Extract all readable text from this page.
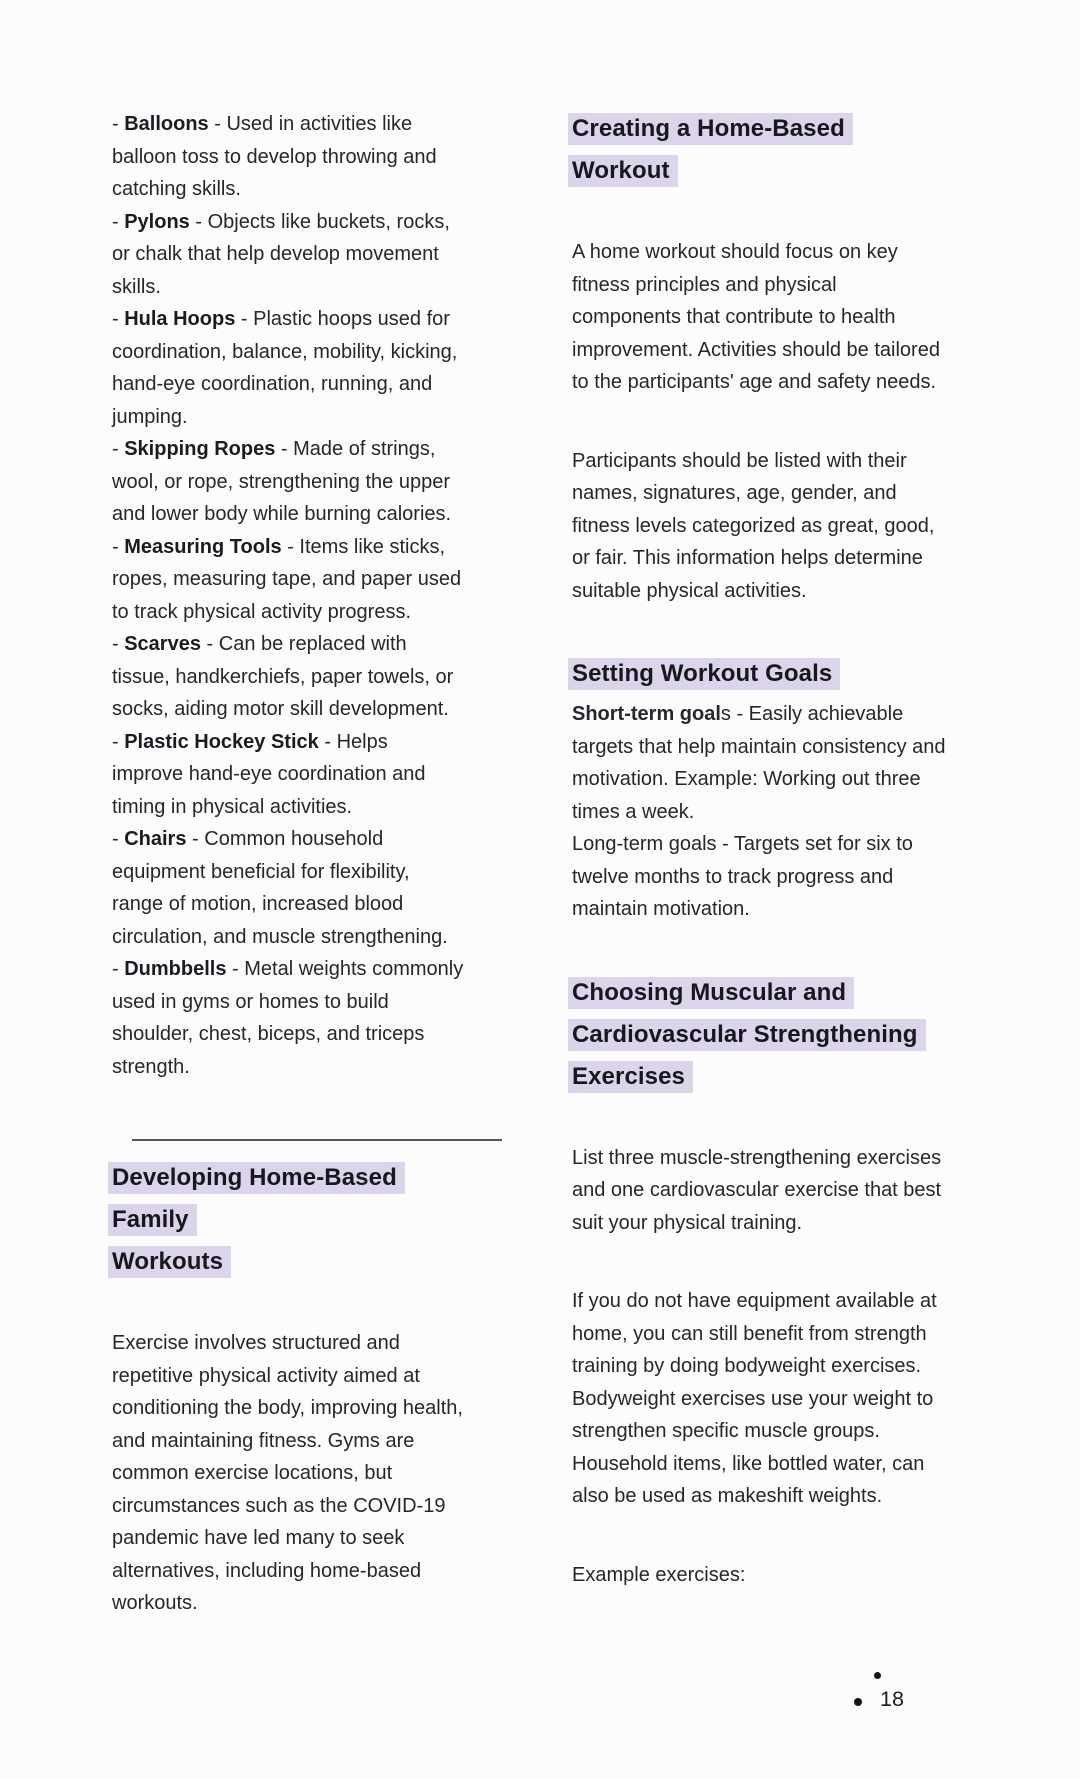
- Balloons - Used in activities like balloon toss to develop throwing and catching skills.

- Pylons - Objects like buckets, rocks, or chalk that help develop movement skills.

- Hula Hoops - Plastic hoops used for coordination, balance, mobility, kicking, hand-eye coordination, running, and jumping.

- Skipping Ropes - Made of strings, wool, or rope, strengthening the upper and lower body while burning calories.

- Measuring Tools - Items like sticks, ropes, measuring tape, and paper used to track physical activity progress.

- Scarves - Can be replaced with tissue, handkerchiefs, paper towels, or socks, aiding motor skill development.

- Plastic Hockey Stick - Helps improve hand-eye coordination and timing in physical activities.

- Chairs - Common household equipment beneficial for flexibility, range of motion, increased blood circulation, and muscle strengthening.

- Dumbbells - Metal weights commonly used in gyms or homes to build shoulder, chest, biceps, and triceps strength.

Developing Home-Based Family
Workouts

Exercise involves structured and repetitive physical activity aimed at conditioning the body, improving health, and maintaining fitness. Gyms are common exercise locations, but circumstances such as the COVID-19 pandemic have led many to seek alternatives, including home-based workouts.

Creating a Home-Based
Workout

A home workout should focus on key fitness principles and physical components that contribute to health improvement. Activities should be tailored to the participants' age and safety needs.

Participants should be listed with their names, signatures, age, gender, and fitness levels categorized as great, good, or fair. This information helps determine suitable physical activities.

Setting Workout Goals

Short-term goals - Easily achievable targets that help maintain consistency and motivation. Example: Working out three times a week.
Long-term goals - Targets set for six to twelve months to track progress and maintain motivation.

Choosing Muscular and
Cardiovascular Strengthening
Exercises

List three muscle-strengthening exercises and one cardiovascular exercise that best suit your physical training.

If you do not have equipment available at home, you can still benefit from strength training by doing bodyweight exercises. Bodyweight exercises use your weight to strengthen specific muscle groups. Household items, like bottled water, can also be used as makeshift weights.

Example exercises:

18
